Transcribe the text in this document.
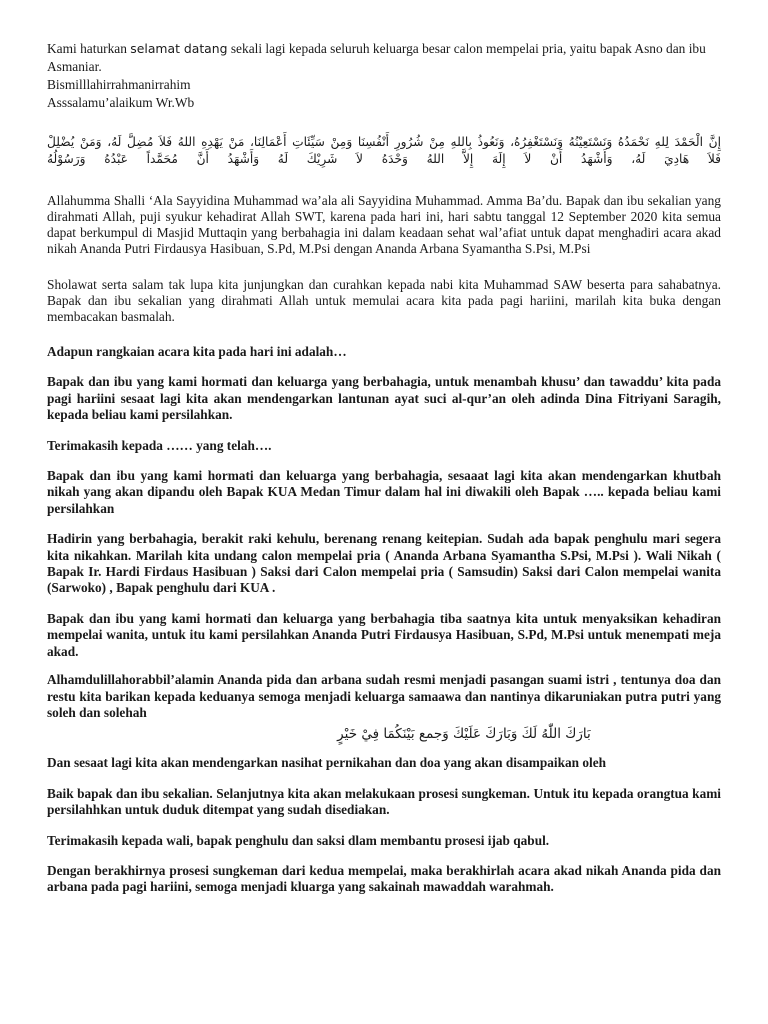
Kami haturkan selamat datang sekali lagi kepada seluruh keluarga besar calon mempelai pria, yaitu bapak Asno dan ibu Asmaniar.
Bismilllahirrahmanirrahim
Asssalamu’alaikum Wr.Wb

إِنَّ الْحَمْدَ لِلهِ نَحْمَدُهُ وَنَسْتَعِيْنُهُ وَنَسْتَغْفِرُهُ، وَنَعُوذُ بِاللهِ مِنْ شُرُورِ أَنْفُسِنَا وَمِنْ سَيِّئَاتِ أَعْمَالِنَا، مَنْ يَهْدِهِ اللهُ فَلاَ مُضِلَّ لَهُ، وَمَنْ يُضْلِلْ فَلاَ هَادِيَ لَهُ، وَأَشْهَدُ أَنْ لاَ إِلَهَ إِلاَّ اللهُ وَحْدَهُ لاَ شَرِيْكَ لَهُ وَأَشْهَدُ أَنَّ مُحَمَّداً عَبْدُهُ وَرَسُوْلُهُ

Allahumma Shalli ‘Ala Sayyidina Muhammad wa’ala ali Sayyidina Muhammad. Amma Ba’du. Bapak dan ibu sekalian yang dirahmati Allah, puji syukur kehadirat Allah SWT, karena pada hari ini, hari sabtu tanggal 12 September 2020 kita semua dapat berkumpul di Masjid Muttaqin yang berbahagia ini dalam keadaan sehat wal’afiat untuk dapat menghadiri acara akad nikah Ananda Putri Firdausya Hasibuan, S.Pd, M.Psi dengan Ananda Arbana Syamantha S.Psi, M.Psi

Sholawat serta salam tak lupa kita junjungkan dan curahkan kepada nabi kita Muhammad SAW beserta para sahabatnya. Bapak dan ibu sekalian yang dirahmati Allah untuk memulai acara kita pada pagi hariini, marilah kita buka dengan membacakan basmalah.

Adapun rangkaian acara kita pada hari ini adalah…

Bapak dan ibu yang kami hormati dan keluarga yang berbahagia, untuk menambah khusu’ dan tawaddu’ kita pada pagi hariini sesaat lagi kita akan mendengarkan lantunan ayat suci al-qur’an oleh adinda Dina Fitriyani Saragih, kepada beliau kami persilahkan.

Terimakasih kepada …… yang telah….

Bapak dan ibu yang kami hormati dan keluarga yang berbahagia, sesaaat lagi kita akan mendengarkan khutbah nikah yang akan dipandu oleh Bapak KUA Medan Timur dalam hal ini diwakili oleh Bapak ….. kepada beliau kami persilahkan

Hadirin yang berbahagia, berakit raki kehulu, berenang renang keitepian. Sudah ada bapak penghulu mari segera kita nikahkan. Marilah kita undang calon mempelai pria ( Ananda Arbana Syamantha S.Psi, M.Psi ). Wali Nikah ( Bapak Ir. Hardi Firdaus Hasibuan ) Saksi dari Calon mempelai pria ( Samsudin) Saksi dari Calon mempelai wanita (Sarwoko) , Bapak penghulu dari KUA .

Bapak dan ibu yang kami hormati dan keluarga yang berbahagia tiba saatnya kita untuk menyaksikan kehadiran mempelai wanita, untuk itu kami persilahkan Ananda Putri Firdausya Hasibuan, S.Pd, M.Psi untuk menempati meja akad.

Alhamdulillahorabbil’alamin Ananda pida dan arbana sudah resmi menjadi pasangan suami istri , tentunya doa dan restu kita barikan kepada keduanya semoga menjadi keluarga samaawa dan nantinya dikaruniakan putra putri yang soleh dan solehah

بَارَكَ اللّٰهُ لَكَ وَبَارَكَ عَلَيْكَ وَجمع بَيْنَكُمَا فِيْ خَيْرٍ

Dan sesaat lagi kita akan mendengarkan nasihat pernikahan dan doa yang akan disampaikan oleh

Baik bapak dan ibu sekalian. Selanjutnya kita akan melakukaan prosesi sungkeman. Untuk itu kepada orangtua kami persilahhkan untuk duduk ditempat yang sudah disediakan.

Terimakasih kepada wali, bapak penghulu dan saksi dlam membantu prosesi ijab qabul.

Dengan berakhirnya prosesi sungkeman dari kedua mempelai, maka berakhirlah acara akad nikah Ananda pida dan arbana pada pagi hariini, semoga menjadi kluarga yang sakainah mawaddah warahmah.
